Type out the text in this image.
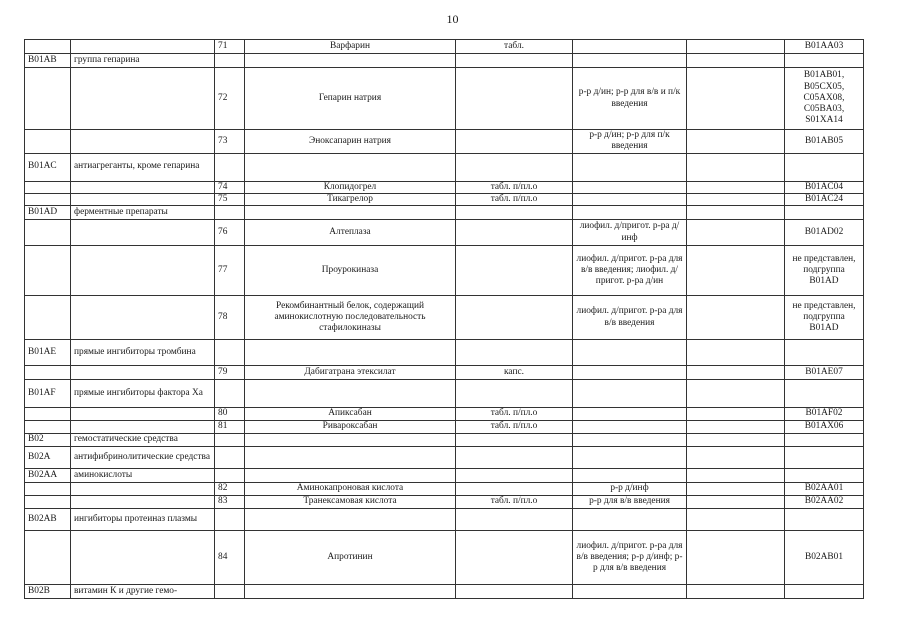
10
		71	Варфарин	табл.			B01AA03
B01AB	группа гепарина						
		72	Гепарин натрия		р-р д/ин; р-р для в/в и п/к введения		B01AB01, B05CX05, C05AX08, C05BA03, S01XA14
		73	Эноксапарин натрия		р-р д/ин; р-р для п/к введения		B01AB05
B01AC	антиагреганты, кроме гепарина						
		74	Клопидогрел	табл. п/пл.о			B01AC04
		75	Тикагрелор	табл. п/пл.о			B01AC24
B01AD	ферментные препараты						
		76	Алтеплаза		лиофил. д/пригот. р-ра д/инф		B01AD02
		77	Проурокиназа		лиофил. д/пригот. р-ра для в/в введения; лиофил. д/пригот. р-ра д/ин		не представлен, подгруппа B01AD
		78	Рекомбинантный белок, содержащий аминокислотную последовательность стафилокиназы		лиофил. д/пригот. р-ра для в/в введения		не представлен, подгруппа B01AD
B01AE	прямые ингибиторы тромбина						
		79	Дабигатрана этексилат	капс.			B01AE07
B01AF	прямые ингибиторы фактора Ха						
		80	Апиксабан	табл. п/пл.о			B01AF02
		81	Ривароксабан	табл. п/пл.о			B01AX06
B02	гемостатические средства						
B02A	антифибринолитические средства						
B02AA	аминокислоты						
		82	Аминокапроновая кислота		р-р д/инф		B02AA01
		83	Транексамовая кислота	табл. п/пл.о	р-р для в/в введения		B02AA02
B02AB	ингибиторы протеиназ плазмы						
		84	Апротинин		лиофил. д/пригот. р-ра для в/в введения; р-р д/инф; р-р для в/в введения		B02AB01
B02B	витамин К и другие гемо-						
